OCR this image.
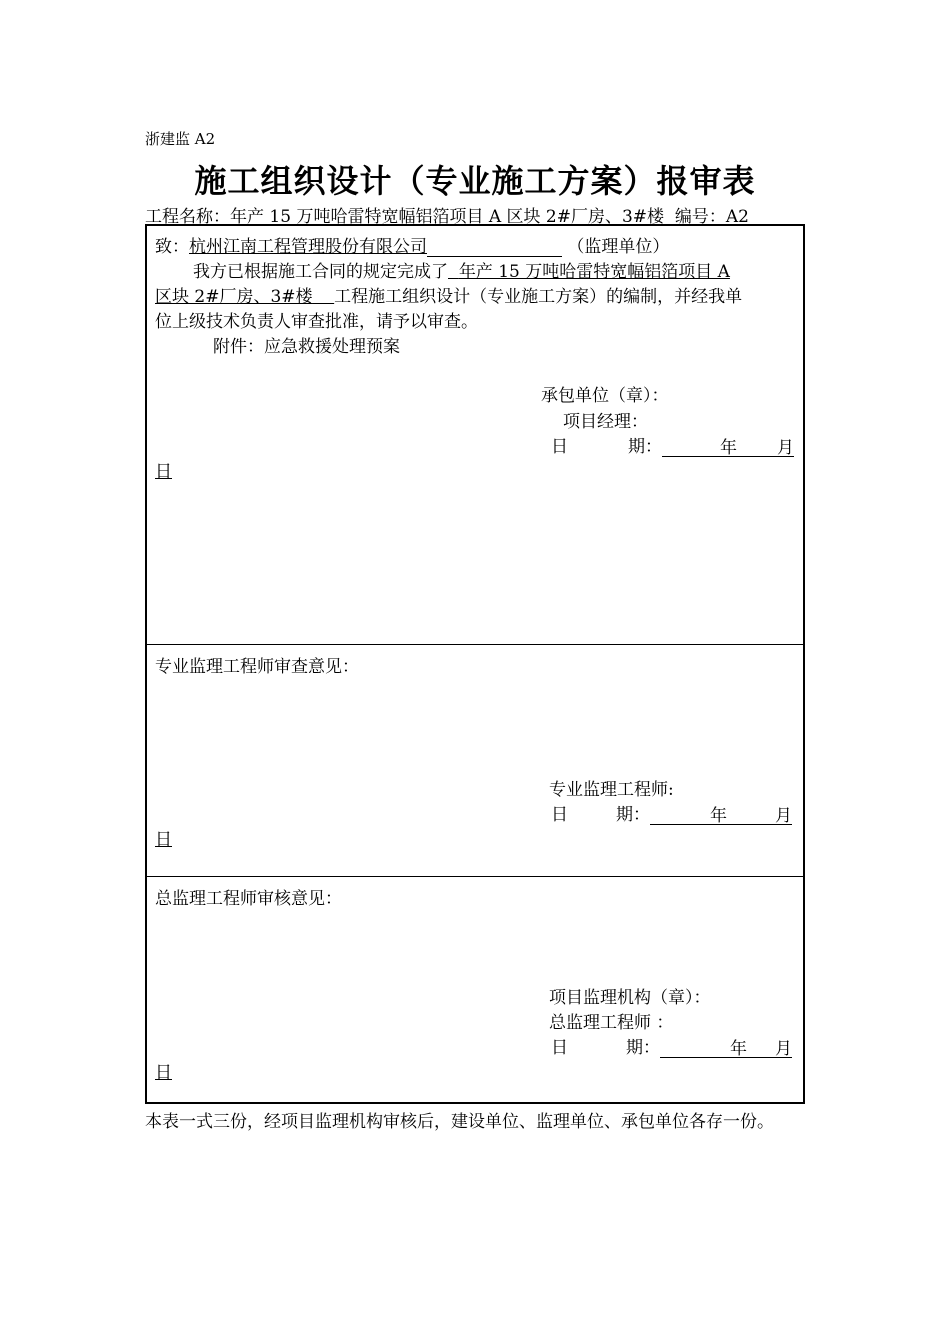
浙建监 A2
施工组织设计（专业施工方案）报审表
工程名称：年产 15 万吨哈雷特宽幅铝箔项目 A 区块 2#厂房、3#楼 编号：A2
致：杭州江南工程管理股份有限公司	（监理单位）
我方已根据施工合同的规定完成了 年产 15 万吨哈雷特宽幅铝箔项目 A
区块 2#厂房、3#楼 工程施工组织设计（专业施工方案）的编制，并经我单
位上级技术负责人审查批准，请予以审查。
附件：应急救援处理预案
承包单位（章）：
项目经理：
日	期：	年 月
日
专业监理工程师审查意见：
专业监理工程师:
日	期：	年	月
日
总监理工程师审核意见：
项目监理机构（章）：
总监理工程师 ：
日	期：	年 月
日
本表一式三份，经项目监理机构审核后，建设单位、监理单位、承包单位各存一份。
